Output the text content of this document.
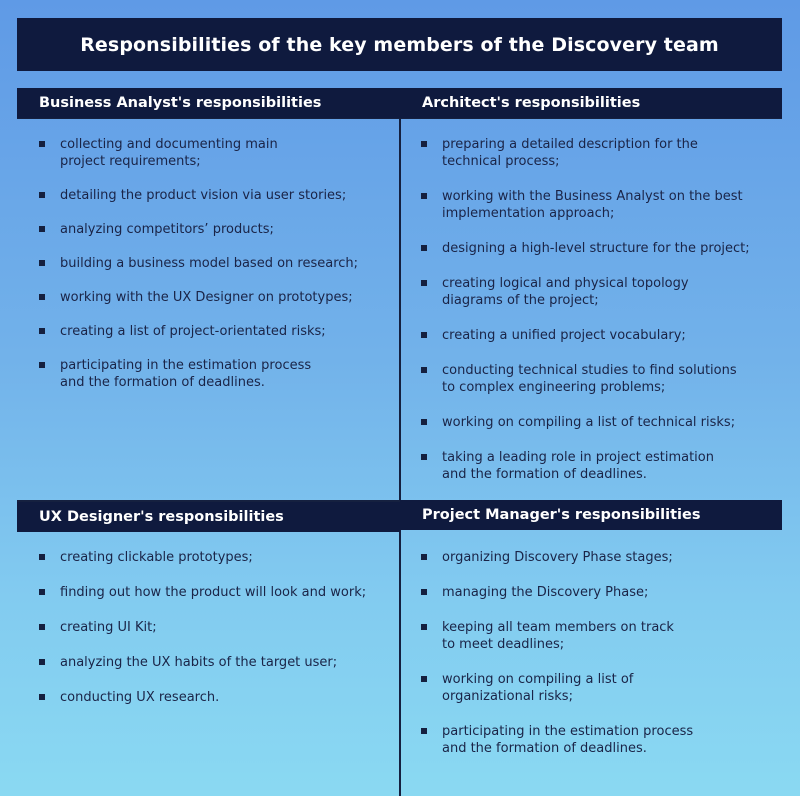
Responsibilities of the key members of the Discovery team
Business Analyst's responsibilities	Architect's responsibilities
UX Designer's responsibilities	Project Manager's responsibilities
collecting and documenting main
project requirements;
detailing the product vision via user stories;
analyzing competitors’ products;
building a business model based on research;
working with the UX Designer on prototypes;
creating a list of project-orientated risks;
participating in the estimation process
and the formation of deadlines.
preparing a detailed description for the
technical process;
working with the Business Analyst on the best
implementation approach;
designing a high-level structure for the project;
creating logical and physical topology
diagrams of the project;
creating a unified project vocabulary;
conducting technical studies to find solutions
to complex engineering problems;
working on compiling a list of technical risks;
taking a leading role in project estimation
and the formation of deadlines.
creating clickable prototypes;
finding out how the product will look and work;
creating UI Kit;
analyzing the UX habits of the target user;
conducting UX research.
organizing Discovery Phase stages;
managing the Discovery Phase;
keeping all team members on track
to meet deadlines;
working on compiling a list of
organizational risks;
participating in the estimation process
and the formation of deadlines.
